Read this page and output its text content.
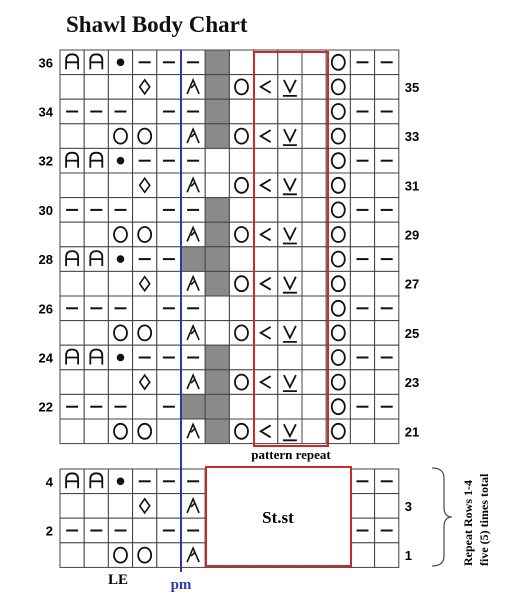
Shawl Body Chart
36
35
34
33
32
31
30
29
28
27
26
25
24
23
22
21
4
3
2
1
St.st
pattern repeat
Repeat Rows 1-4 five (5) times total
LE	pm
